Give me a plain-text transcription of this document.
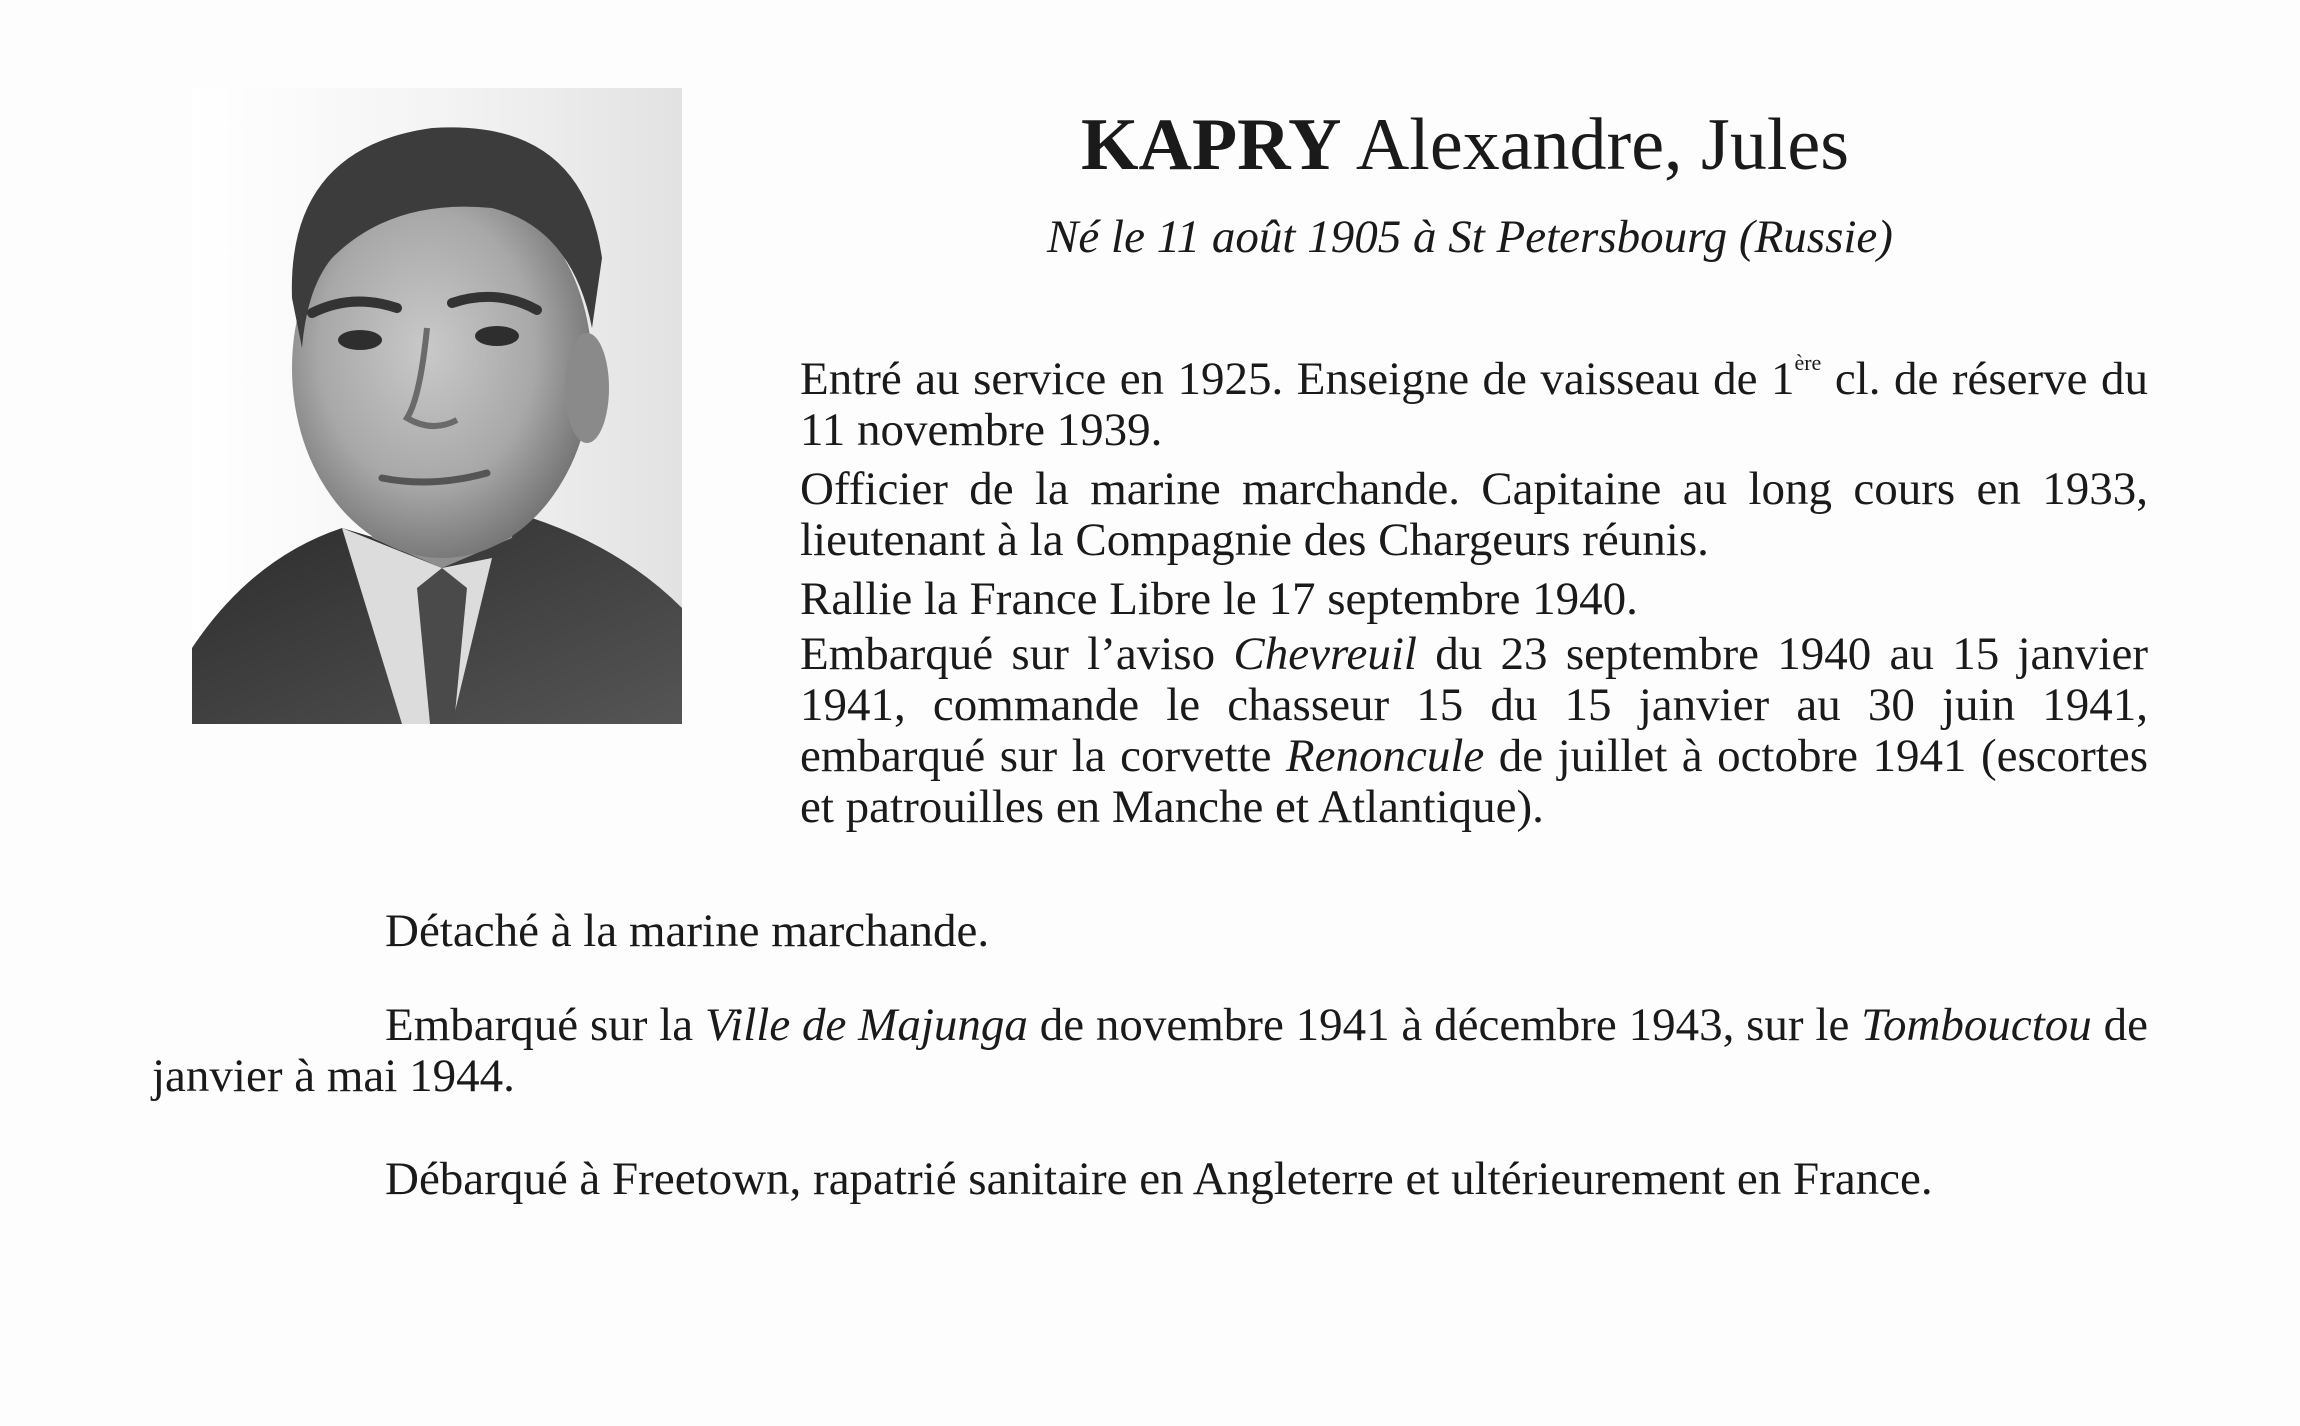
KAPRY Alexandre, Jules
Né le 11 août 1905 à St Petersbourg (Russie)

Entré au service en 1925. Enseigne de vaisseau de 1ère cl. de réserve du 11 novembre 1939.

Officier de la marine marchande. Capitaine au long cours en 1933, lieutenant à la Compagnie des Chargeurs réunis.

Rallie la France Libre le 17 septembre 1940.

Embarqué sur l’aviso Chevreuil du 23 septembre 1940 au 15 janvier 1941, commande le chasseur 15 du 15 janvier au 30 juin 1941, embarqué sur la corvette Renoncule de juillet à octobre 1941 (escortes et patrouilles en Manche et Atlantique).

Détaché à la marine marchande.

Embarqué sur la Ville de Majunga de novembre 1941 à décembre 1943, sur le Tombouctou de janvier à mai 1944.

Débarqué à Freetown, rapatrié sanitaire en Angleterre et ultérieurement en France.
